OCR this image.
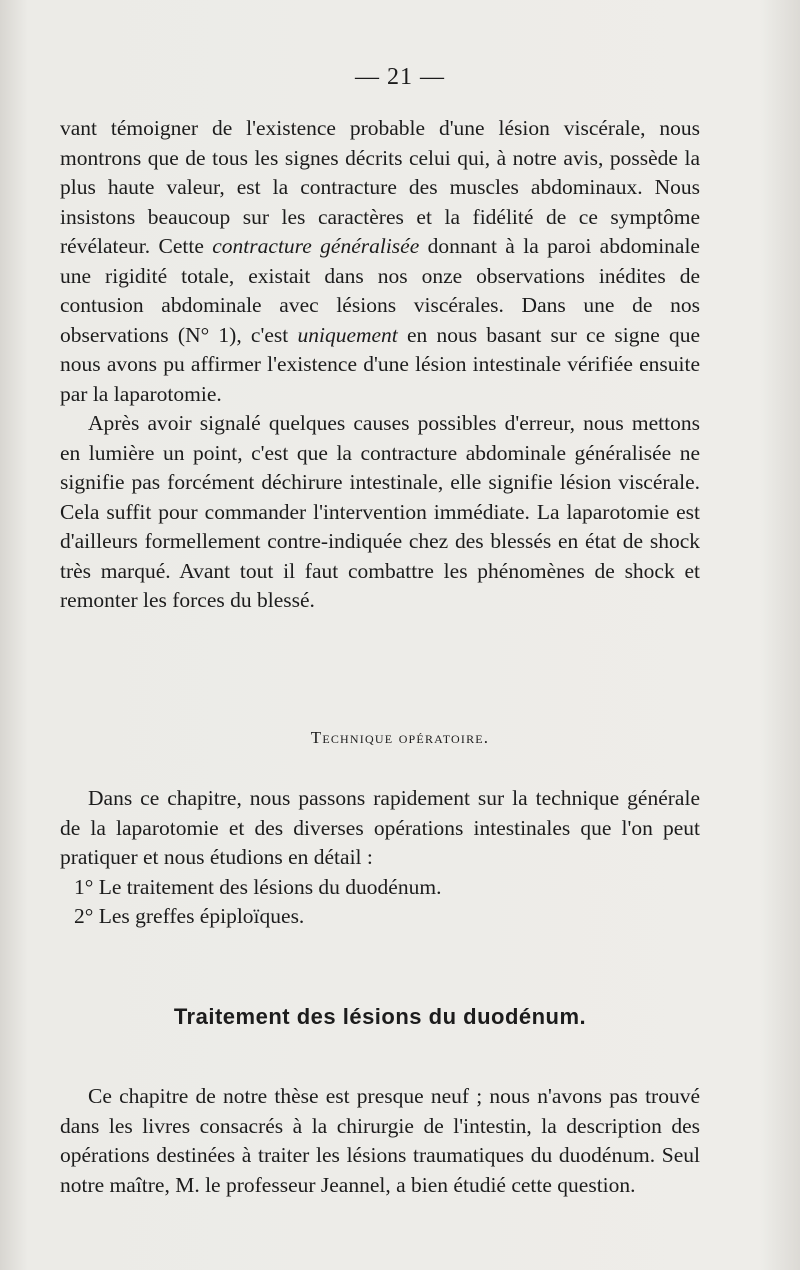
— 21 —

vant témoigner de l'existence probable d'une lésion viscérale, nous montrons que de tous les signes décrits celui qui, à notre avis, possède la plus haute valeur, est la contracture des muscles abdominaux. Nous insistons beaucoup sur les caractères et la fidélité de ce symptôme révélateur. Cette contracture généralisée donnant à la paroi abdominale une rigidité totale, existait dans nos onze observations inédites de contusion abdominale avec lésions viscérales. Dans une de nos observations (N° 1), c'est uniquement en nous basant sur ce signe que nous avons pu affirmer l'existence d'une lésion intestinale vérifiée ensuite par la laparotomie.

Après avoir signalé quelques causes possibles d'erreur, nous mettons en lumière un point, c'est que la contracture abdominale généralisée ne signifie pas forcément déchirure intestinale, elle signifie lésion viscérale. Cela suffit pour commander l'intervention immédiate. La laparotomie est d'ailleurs formellement contre-indiquée chez des blessés en état de shock très marqué. Avant tout il faut combattre les phénomènes de shock et remonter les forces du blessé.

Technique opératoire.

Dans ce chapitre, nous passons rapidement sur la technique générale de la laparotomie et des diverses opérations intestinales que l'on peut pratiquer et nous étudions en détail :

1° Le traitement des lésions du duodénum.

2° Les greffes épiploïques.

Traitement des lésions du duodénum.

Ce chapitre de notre thèse est presque neuf ; nous n'avons pas trouvé dans les livres consacrés à la chirurgie de l'intestin, la description des opérations destinées à traiter les lésions traumatiques du duodénum. Seul notre maître, M. le professeur Jeannel, a bien étudié cette question.
